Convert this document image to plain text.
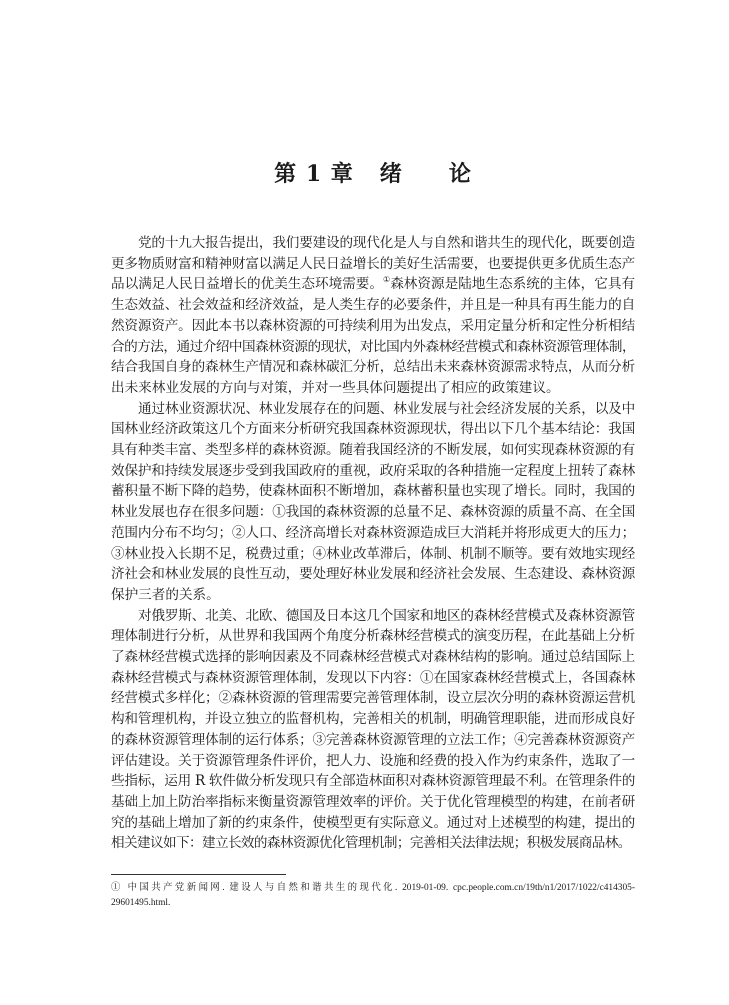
第 1 章 绪 论
党的十九大报告提出，我们要建设的现代化是人与自然和谐共生的现代化，既要创造
更多物质财富和精神财富以满足人民日益增长的美好生活需要，也要提供更多优质生态产
品以满足人民日益增长的优美生态环境需要。①森林资源是陆地生态系统的主体，它具有
生态效益、社会效益和经济效益，是人类生存的必要条件，并且是一种具有再生能力的自
然资源资产。因此本书以森林资源的可持续利用为出发点，采用定量分析和定性分析相结
合的方法，通过介绍中国森林资源的现状，对比国内外森林经营模式和森林资源管理体制，
结合我国自身的森林生产情况和森林碳汇分析，总结出未来森林资源需求特点，从而分析
出未来林业发展的方向与对策，并对一些具体问题提出了相应的政策建议。
通过林业资源状况、林业发展存在的问题、林业发展与社会经济发展的关系，以及中
国林业经济政策这几个方面来分析研究我国森林资源现状，得出以下几个基本结论：我国
具有种类丰富、类型多样的森林资源。随着我国经济的不断发展，如何实现森林资源的有
效保护和持续发展逐步受到我国政府的重视，政府采取的各种措施一定程度上扭转了森林
蓄积量不断下降的趋势，使森林面积不断增加，森林蓄积量也实现了增长。同时，我国的
林业发展也存在很多问题：①我国的森林资源的总量不足、森林资源的质量不高、在全国
范围内分布不均匀；②人口、经济高增长对森林资源造成巨大消耗并将形成更大的压力；
③林业投入长期不足，税费过重；④林业改革滞后，体制、机制不顺等。要有效地实现经
济社会和林业发展的良性互动，要处理好林业发展和经济社会发展、生态建设、森林资源
保护三者的关系。
对俄罗斯、北美、北欧、德国及日本这几个国家和地区的森林经营模式及森林资源管
理体制进行分析，从世界和我国两个角度分析森林经营模式的演变历程，在此基础上分析
了森林经营模式选择的影响因素及不同森林经营模式对森林结构的影响。通过总结国际上
森林经营模式与森林资源管理体制，发现以下内容：①在国家森林经营模式上，各国森林
经营模式多样化；②森林资源的管理需要完善管理体制，设立层次分明的森林资源运营机
构和管理机构，并设立独立的监督机构，完善相关的机制，明确管理职能，进而形成良好
的森林资源管理体制的运行体系；③完善森林资源管理的立法工作；④完善森林资源资产
评估建设。关于资源管理条件评价，把人力、设施和经费的投入作为约束条件，选取了一
些指标，运用 R 软件做分析发现只有全部造林面积对森林资源管理最不利。在管理条件的
基础上加上防治率指标来衡量资源管理效率的评价。关于优化管理模型的构建，在前者研
究的基础上增加了新的约束条件，使模型更有实际意义。通过对上述模型的构建，提出的
相关建议如下：建立长效的森林资源优化管理机制；完善相关法律法规；积极发展商品林。
① 中国共产党新闻网. 建设人与自然和谐共生的现代化. 2019-01-09. cpc.people.com.cn/19th/n1/2017/1022/c414305-
29601495.html.
